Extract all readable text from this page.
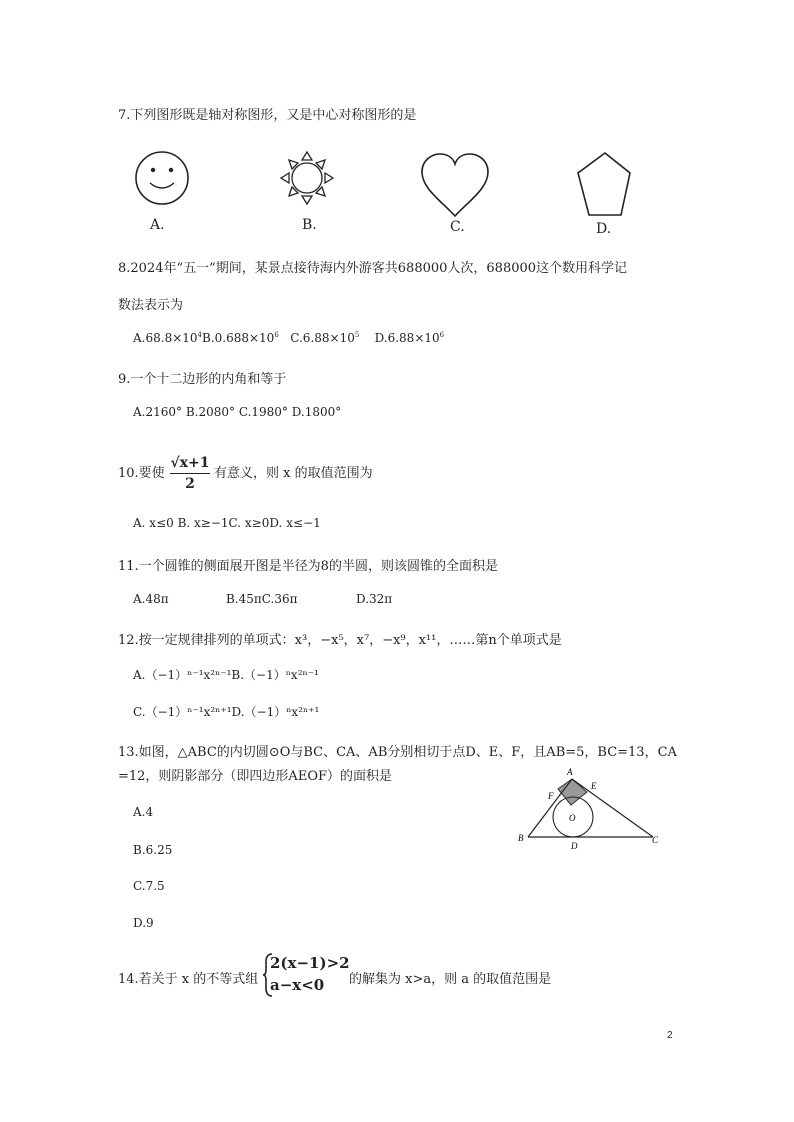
7.下列图形既是轴对称图形，又是中心对称图形的是
A.	B.	C.	D.
8.2024年“五一”期间，某景点接待海内外游客共688000人次，688000这个数用科学记
数法表示为
$A.68.8\times 10^4B.0.688\times 10^6$ $C.6.88\times 10^5$ $D.6.88\times 10^6$
9.一个十二边形的内角和等于
A.2160° B.2080° C.1980° D.1800°
10.要使 $\frac{√x+1}{2}$ 有意义，则 x 的取值范围为
A. x≤0 B. x≥−1C. x≥0D. x≤−1
11.一个圆锥的侧面展开图是半径为8的半圆，则该圆锥的全面积是
A.48π	B.45πC.36π	D.32π
12.按一定规律排列的单项式：x³，−x⁵，x⁷，−x⁹，x¹¹，……第n个单项式是
A.（−1）ⁿ⁻¹x²ⁿ⁻¹B.（−1）ⁿx²ⁿ⁻¹
C.（−1）ⁿ⁻¹x²ⁿ⁺¹D.（−1）ⁿx²ⁿ⁺¹
13.如图，△ABC的内切圆⊙O与BC、CA、AB分别相切于点D、E、F，且AB=5，BC=13，CA
=12，则阴影部分（即四边形AEOF）的面积是
A.4
B.6.25
C.7.5
D.9
A
E
F
O
B
D
C
14.若关于 x 的不等式组
2(x−1)>2
a−x<0	的解集为 x>a，则 a 的取值范围是
2
